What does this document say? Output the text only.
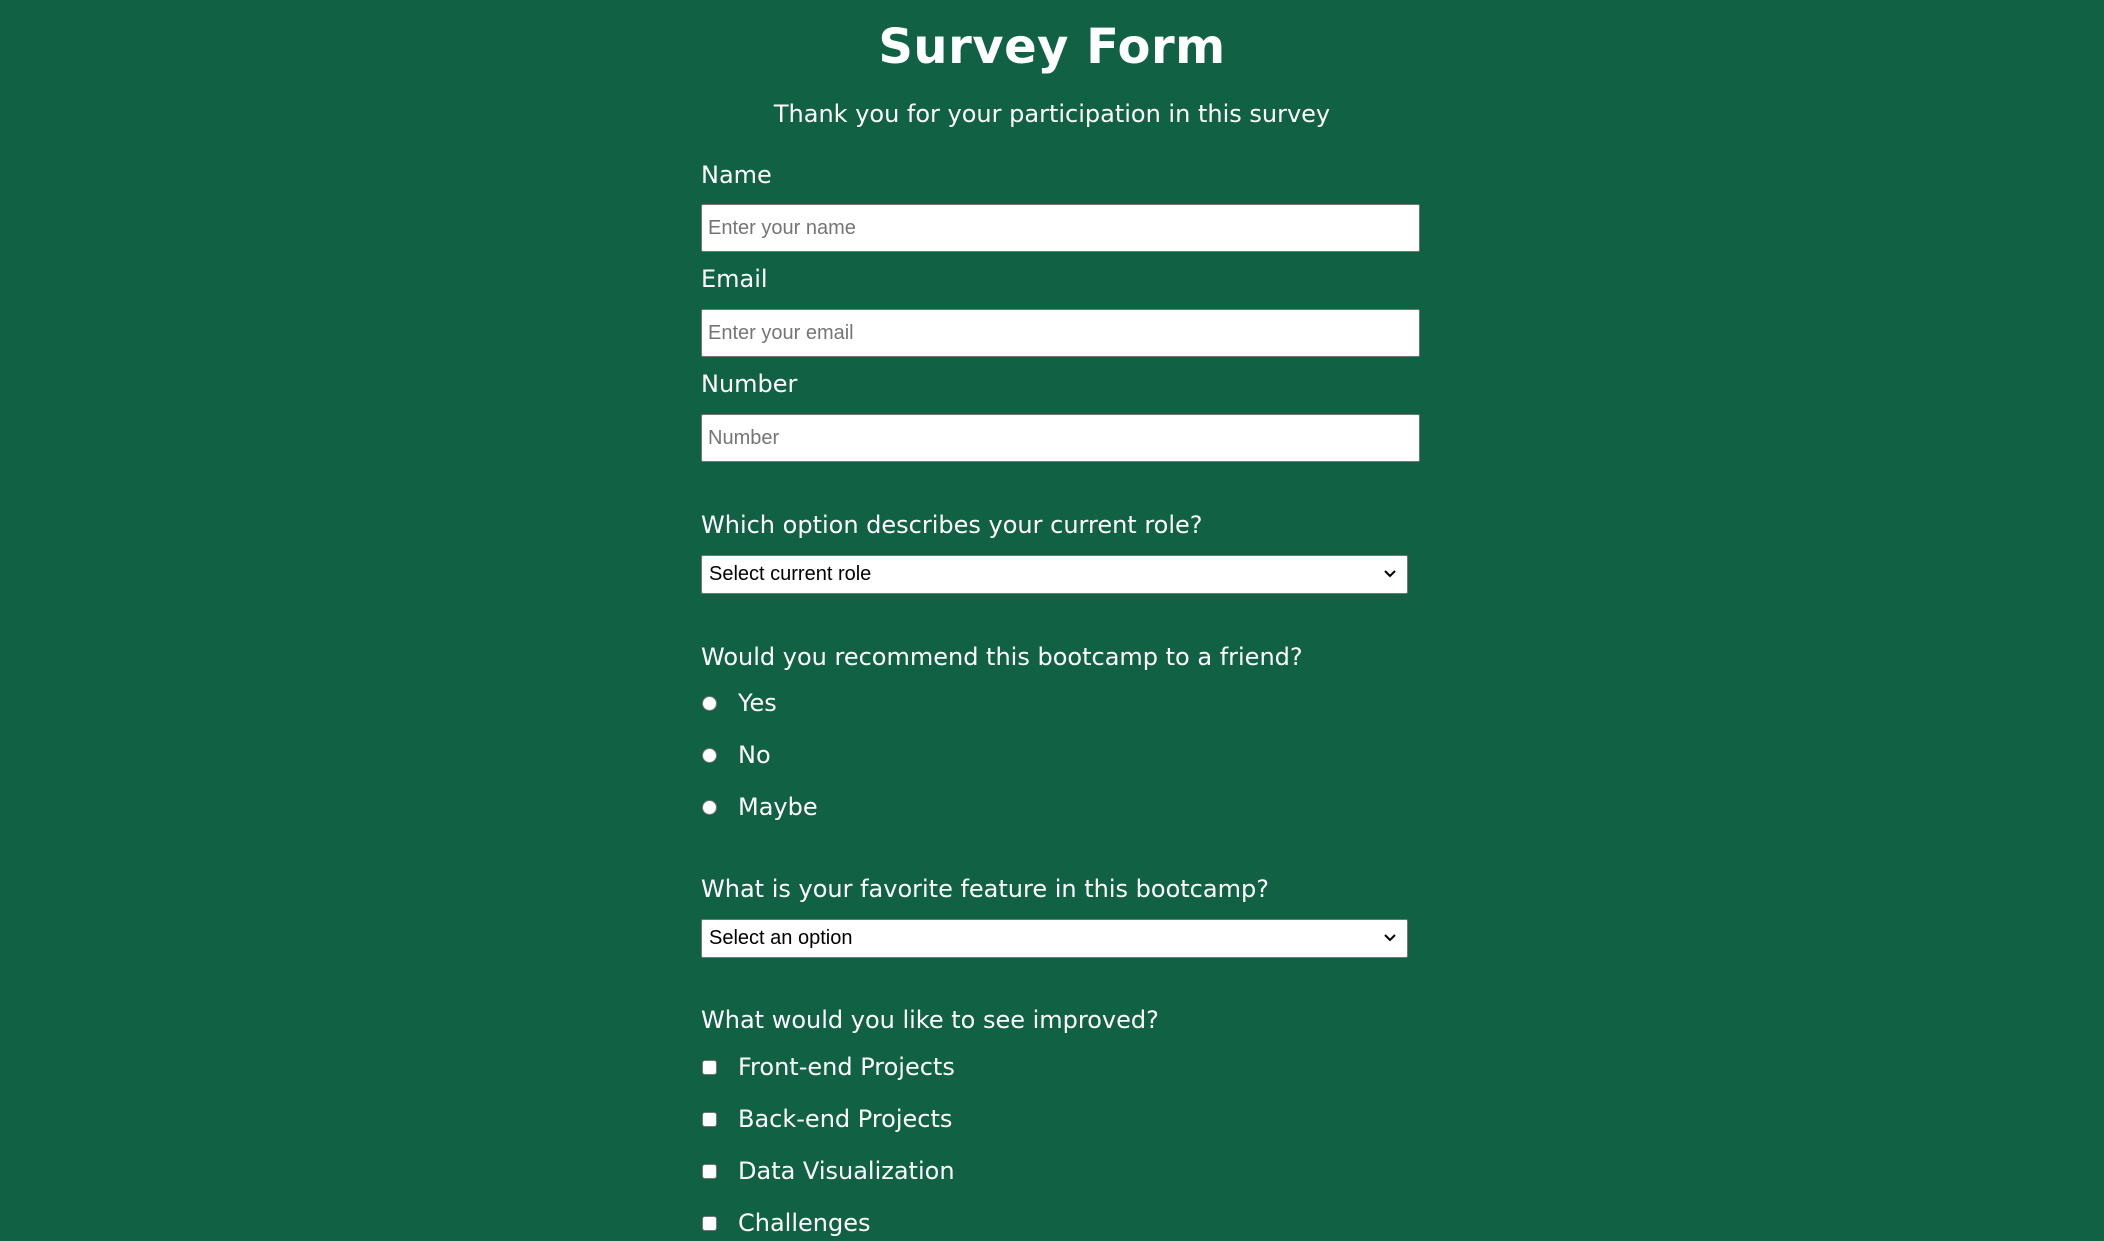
Survey Form

Thank you for your participation in this survey

Name
Enter your name
Email
Enter your email
Number
Number
Which option describes your current role?
Select current role
Would you recommend this bootcamp to a friend?
Yes
No
Maybe
What is your favorite feature in this bootcamp?
Select an option
What would you like to see improved?
Front-end Projects
Back-end Projects
Data Visualization
Challenges
